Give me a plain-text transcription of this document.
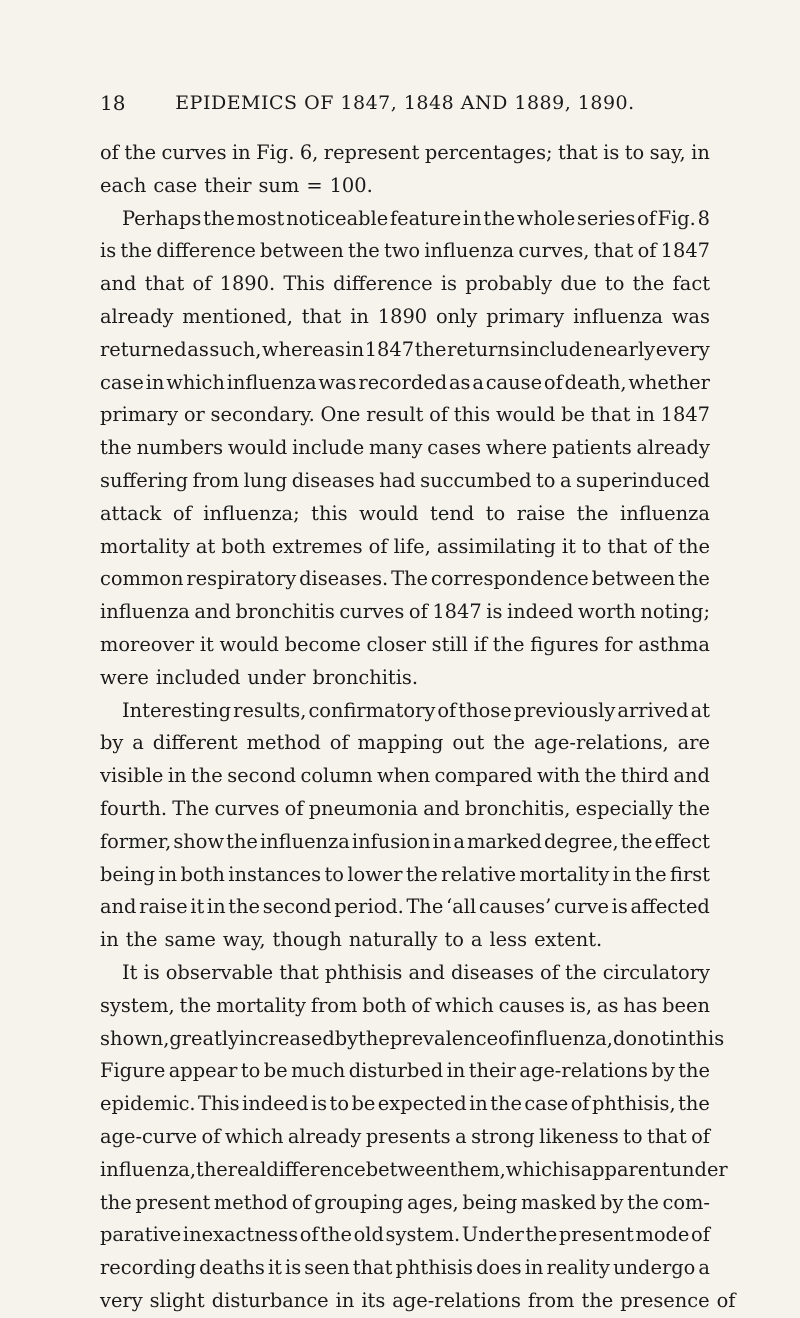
18	EPIDEMICS OF 1847, 1848 AND 1889, 1890.
of the curves in Fig. 6, represent percentages; that is to say, in
each case their sum = 100.
Perhaps the most noticeable feature in the whole series of Fig. 8
is the difference between the two influenza curves, that of 1847
and that of 1890. This difference is probably due to the fact
already mentioned, that in 1890 only primary influenza was
returned as such, whereas in 1847 the returns include nearly every
case in which influenza was recorded as a cause of death, whether
primary or secondary. One result of this would be that in 1847
the numbers would include many cases where patients already
suffering from lung diseases had succumbed to a superinduced
attack of influenza; this would tend to raise the influenza
mortality at both extremes of life, assimilating it to that of the
common respiratory diseases. The correspondence between the
influenza and bronchitis curves of 1847 is indeed worth noting;
moreover it would become closer still if the figures for asthma
were included under bronchitis.
Interesting results, confirmatory of those previously arrived at
by a different method of mapping out the age-relations, are
visible in the second column when compared with the third and
fourth. The curves of pneumonia and bronchitis, especially the
former, show the influenza infusion in a marked degree, the effect
being in both instances to lower the relative mortality in the first
and raise it in the second period. The ‘all causes’ curve is affected
in the same way, though naturally to a less extent.
It is observable that phthisis and diseases of the circulatory
system, the mortality from both of which causes is, as has been
shown, greatly increased by the prevalence of influenza, do not in this
Figure appear to be much disturbed in their age-relations by the
epidemic. This indeed is to be expected in the case of phthisis, the
age-curve of which already presents a strong likeness to that of
influenza, the real difference between them, which is apparent under
the present method of grouping ages, being masked by the com-
parative inexactness of the old system. Under the present mode of
recording deaths it is seen that phthisis does in reality undergo a
very slight disturbance in its age-relations from the presence of
